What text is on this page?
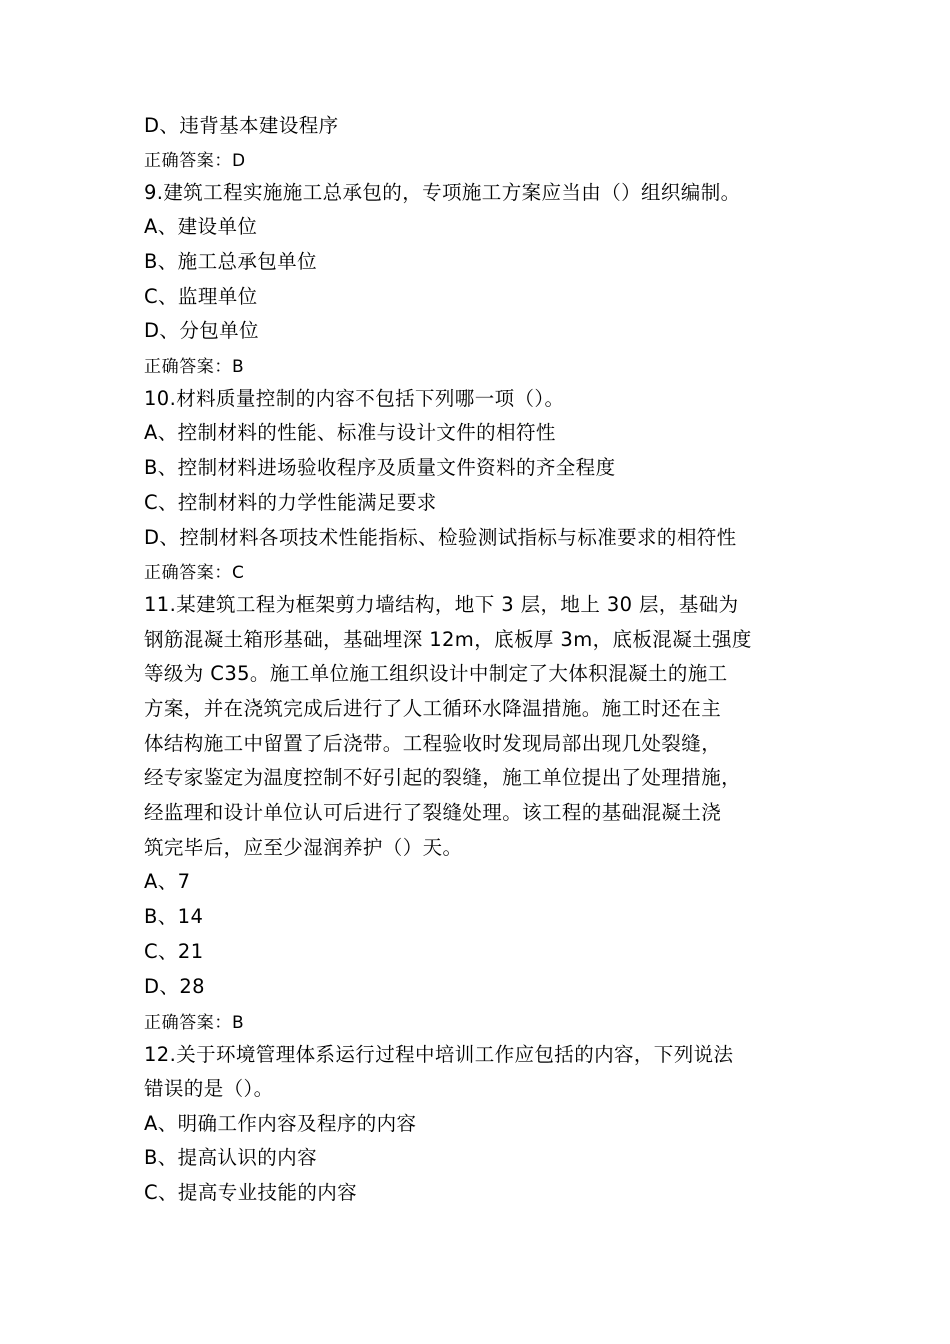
D、违背基本建设程序
正确答案：D
9.建筑工程实施施工总承包的，专项施工方案应当由（）组织编制。
A、建设单位
B、施工总承包单位
C、监理单位
D、分包单位
正确答案：B
10.材料质量控制的内容不包括下列哪一项（）。
A、控制材料的性能、标准与设计文件的相符性
B、控制材料进场验收程序及质量文件资料的齐全程度
C、控制材料的力学性能满足要求
D、控制材料各项技术性能指标、检验测试指标与标准要求的相符性
正确答案：C
11.某建筑工程为框架剪力墙结构，地下 3 层，地上 30 层，基础为
钢筋混凝土箱形基础，基础埋深 12m，底板厚 3m，底板混凝土强度
等级为 C35。施工单位施工组织设计中制定了大体积混凝土的施工
方案，并在浇筑完成后进行了人工循环水降温措施。施工时还在主
体结构施工中留置了后浇带。工程验收时发现局部出现几处裂缝，
经专家鉴定为温度控制不好引起的裂缝，施工单位提出了处理措施，
经监理和设计单位认可后进行了裂缝处理。该工程的基础混凝土浇
筑完毕后，应至少湿润养护（）天。
A、7
B、14
C、21
D、28
正确答案：B
12.关于环境管理体系运行过程中培训工作应包括的内容，下列说法
错误的是（）。
A、明确工作内容及程序的内容
B、提高认识的内容
C、提高专业技能的内容
